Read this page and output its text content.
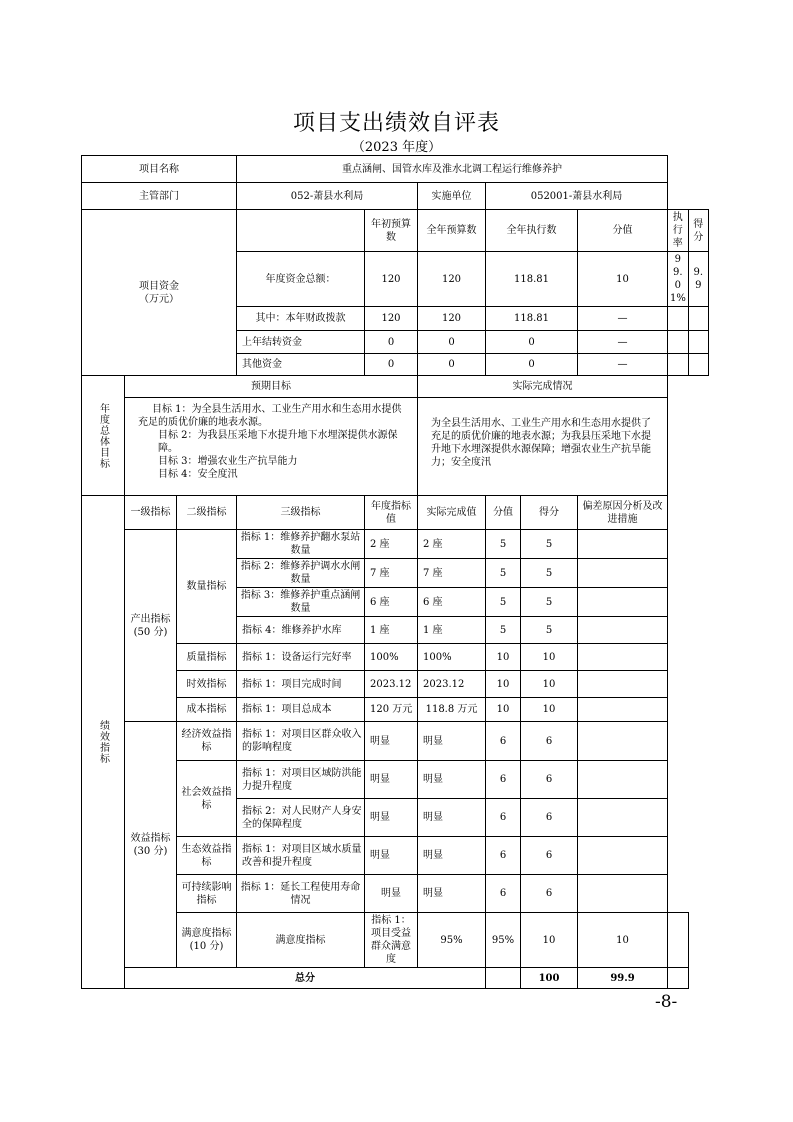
项目支出绩效自评表
（2023 年度）
项目名称			重点涵闸、国管水库及淮水北调工程运行维修养护							
主管部门			052-萧县水利局		实施单位	052001-萧县水利局				

项目资金
（万元）				年初预算数	全年预算数	全年执行数		分值	执行率	得分
			年度资金总额：	120	120	118.81		10	99.01%	9.9
			其中：本年财政拨款	120	120	118.81		—		
			上年结转资金	0	0	0		—		
			其他资金	0	0	0		—		
年度总体目标	预期目标				实际完成情况					

	目标 1：为全县生活用水、工业生产用水和生态用水提供充足的质优价廉的地表水源。
目标 2：为我县压采地下水提升地下水埋深提供水源保障。
目标 3：增强农业生产抗旱能力
目标 4：安全度汛				为全县生活用水、工业生产用水和生态用水提供了充足的质优价廉的地表水源；为我县压采地下水提升地下水埋深提供水源保障；增强农业生产抗旱能力；安全度汛					

绩效指标	一级指标	二级指标	三级指标	年度指标值	实际完成值	分值	得分	偏差原因分析及改进措施		
	产出指标(50 分)	数量指标	指标 1：维修养护翻水泵站数量	2 座	2 座	5	5			
			指标 2：维修养护调水水闸数量	7 座	7 座	5	5			
			指标 3：维修养护重点涵闸数量	6 座	6 座	5	5			
			指标 4：维修养护水库	1 座	1 座	5	5			
		质量指标	指标 1：设备运行完好率	100%	100%	10	10			
		时效指标	指标 1：项目完成时间	2023.12	2023.12	10	10			
		成本指标	指标 1：项目总成本	120 万元	118.8 万元	10	10			
	效益指标(30 分)	经济效益指标	指标 1：对项目区群众收入的影响程度	明显	明显	6	6			
		社会效益指标	指标 1：对项目区域防洪能力提升程度	明显	明显	6	6			
			指标 2：对人民财产人身安全的保障程度	明显	明显	6	6			
		生态效益指标	指标 1：对项目区域水质量改善和提升程度	明显	明显	6	6			
		可持续影响指标	指标 1：延长工程使用寿命情况	明显	明显	6	6			
		满意度指标(10 分)	满意度指标	指标 1：项目受益群众满意度	95%	95%	10	10		
	总分						100	99.9		
-8-
